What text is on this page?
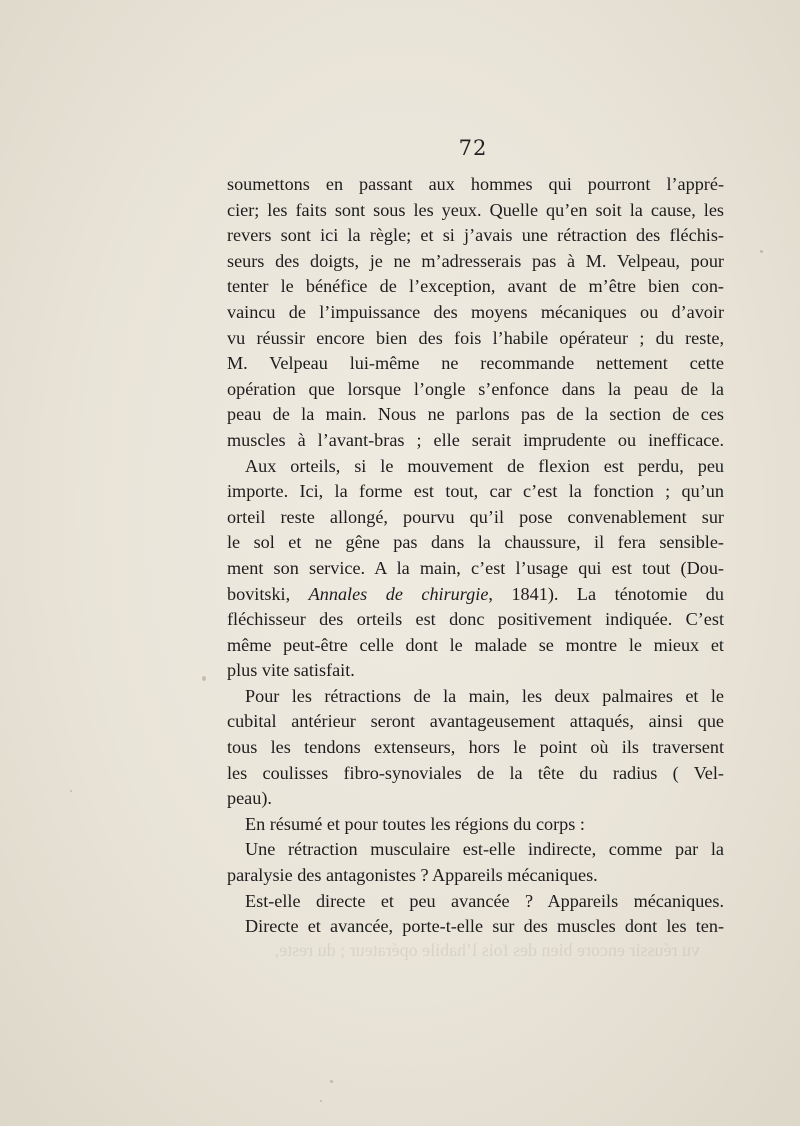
72
soumettons en passant aux hommes qui pourront l’appré-
cier; les faits sont sous les yeux. Quelle qu’en soit la cause, les
revers sont ici la règle; et si j’avais une rétraction des fléchis-
seurs des doigts, je ne m’adresserais pas à M. Velpeau, pour
tenter le bénéfice de l’exception, avant de m’être bien con-
vaincu de l’impuissance des moyens mécaniques ou d’avoir
vu réussir encore bien des fois l’habile opérateur ; du reste,
M. Velpeau lui-même ne recommande nettement cette
opération que lorsque l’ongle s’enfonce dans la peau de la
peau de la main. Nous ne parlons pas de la section de ces
muscles à l’avant-bras ; elle serait imprudente ou inefficace.
Aux orteils, si le mouvement de flexion est perdu, peu
importe. Ici, la forme est tout, car c’est la fonction ; qu’un
orteil reste allongé, pourvu qu’il pose convenablement sur
le sol et ne gêne pas dans la chaussure, il fera sensible-
ment son service. A la main, c’est l’usage qui est tout (Dou-
bovitski, Annales de chirurgie, 1841). La ténotomie du
fléchisseur des orteils est donc positivement indiquée. C’est
même peut-être celle dont le malade se montre le mieux et
plus vite satisfait.
Pour les rétractions de la main, les deux palmaires et le
cubital antérieur seront avantageusement attaqués, ainsi que
tous les tendons extenseurs, hors le point où ils traversent
les coulisses fibro-synoviales de la tête du radius ( Vel-
peau).
En résumé et pour toutes les régions du corps :
Une rétraction musculaire est-elle indirecte, comme par la
paralysie des antagonistes ? Appareils mécaniques.
Est-elle directe et peu avancée ? Appareils mécaniques.
Directe et avancée, porte-t-elle sur des muscles dont les ten-
vu réussir encore bien des fois l’habile opérateur ; du reste,
